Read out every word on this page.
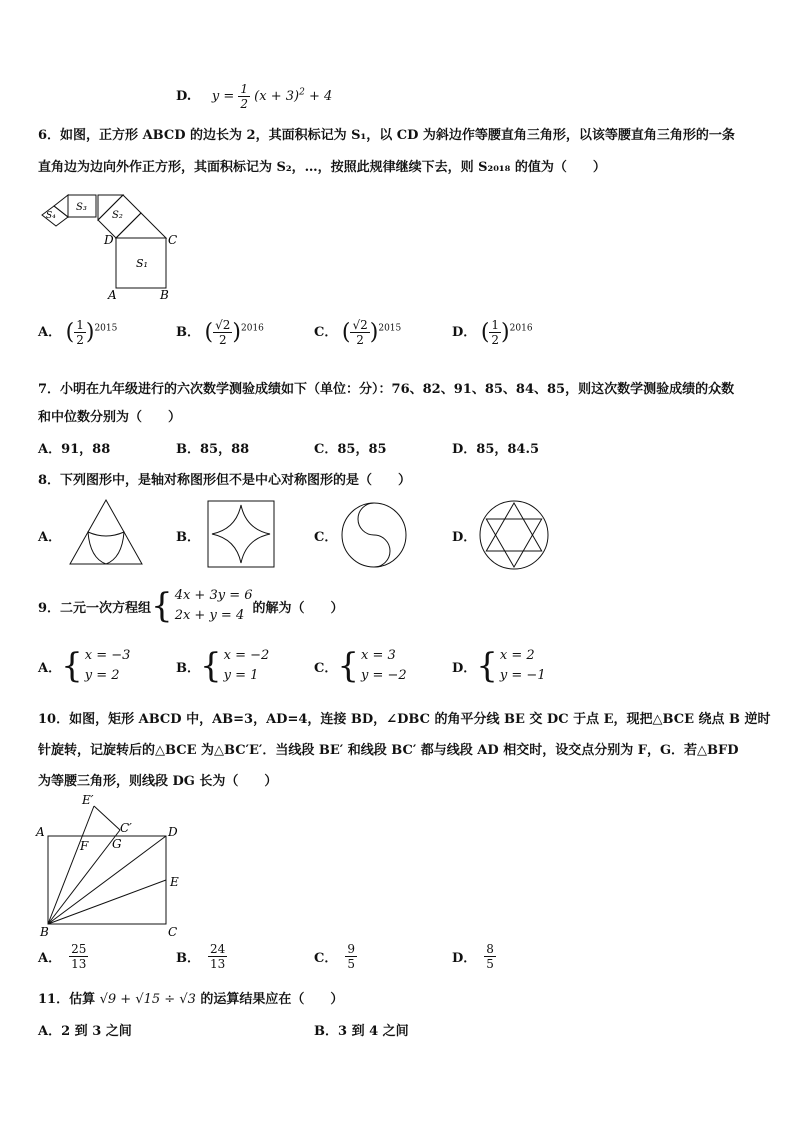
D. $y = \frac{1}{2} (x + 3)^2 + 4$
6．如图，正方形 ABCD 的边长为 2，其面积标记为 S₁，以 CD 为斜边作等腰直角三角形，以该等腰直角三角形的一条
直角边为边向外作正方形，其面积标记为 S₂，…，按照此规律继续下去，则 S₂₀₁₈ 的值为（　　）
S₁
S₂
S₃
S₄
D	C
A	B
A． ( $\frac{1}{2} )^{2015}$	B． ( $\frac{√2}{2} )^{2016}$	C． ( $\frac{√2}{2} )^{2015}$	D． ( $\frac{1}{2} )^{2016}$
7．小明在九年级进行的六次数学测验成绩如下（单位：分）：76、82、91、85、84、85，则这次数学测验成绩的众数
和中位数分别为（　　）
A．91，88	B．85，88	C．85，85	D．85，84.5
8．下列图形中，是轴对称图形但不是中心对称图形的是（　　）
A．	B．	C．	D．
9．二元一次方程组 { 4x + 3y = 6
2x + y = 4 的解为（　　）
A． { x = −3
y = 2	B． { x = −2
y = 1	C． { x = 3
y = −2	D． { x = 2
y = −1
10．如图，矩形 ABCD 中，AB=3，AD=4，连接 BD，∠DBC 的角平分线 BE 交 DC 于点 E，现把△BCE 绕点 B 逆时
针旋转，记旋转后的△BCE 为△BC′E′．当线段 BE′ 和线段 BC′ 都与线段 AD 相交时，设交点分别为 F，G．若△BFD
为等腰三角形，则线段 DG 长为（　　）
A
B	C
D
E
F G
E′
C′
A． $\frac{25}{13}$	B． $\frac{24}{13}$	C． $\frac{9}{5}$	D． $\frac{8}{5}$
11．估算 √9 + √15 ÷ √3 的运算结果应在（　　）
A．2 到 3 之间	B．3 到 4 之间
